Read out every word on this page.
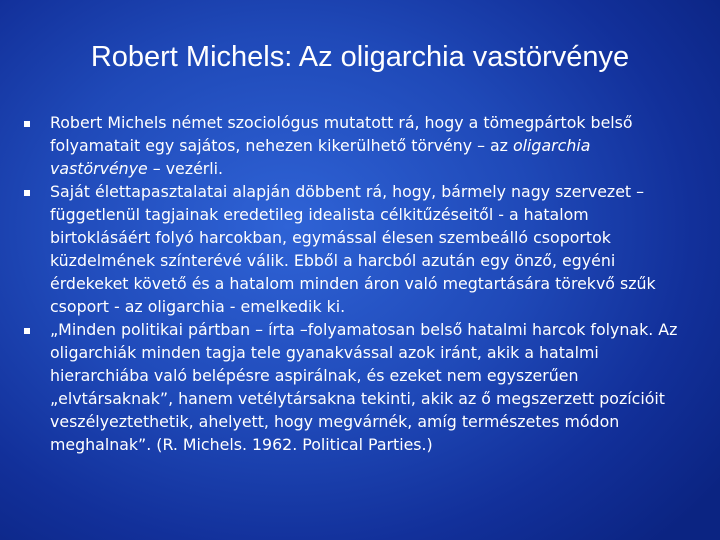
Robert Michels: Az oligarchia vastörvénye
Robert Michels német szociológus mutatott rá, hogy a tömegpártok belső folyamatait egy sajátos, nehezen kikerülhető törvény – az oligarchia vastörvénye – vezérli.
Saját élettapasztalatai alapján döbbent rá, hogy, bármely nagy szervezet – függetlenül tagjainak eredetileg idealista célkitűzéseitől - a hatalom birtoklásáért folyó harcokban, egymással élesen szembeálló csoportok küzdelmének színterévé válik. Ebből a harcból azután egy önző, egyéni érdekeket követő és a hatalom minden áron való megtartására törekvő szűk csoport - az oligarchia - emelkedik ki.
„Minden politikai pártban – írta –folyamatosan belső hatalmi harcok folynak. Az oligarchiák minden tagja tele gyanakvással azok iránt, akik a hatalmi hierarchiába való belépésre aspirálnak, és ezeket nem egyszerűen „elvtársaknak”, hanem vetélytársakna tekinti, akik az ő megszerzett pozícióit veszélyeztethetik, ahelyett, hogy megvárnék, amíg természetes módon meghalnak”. (R. Michels. 1962. Political Parties.)
